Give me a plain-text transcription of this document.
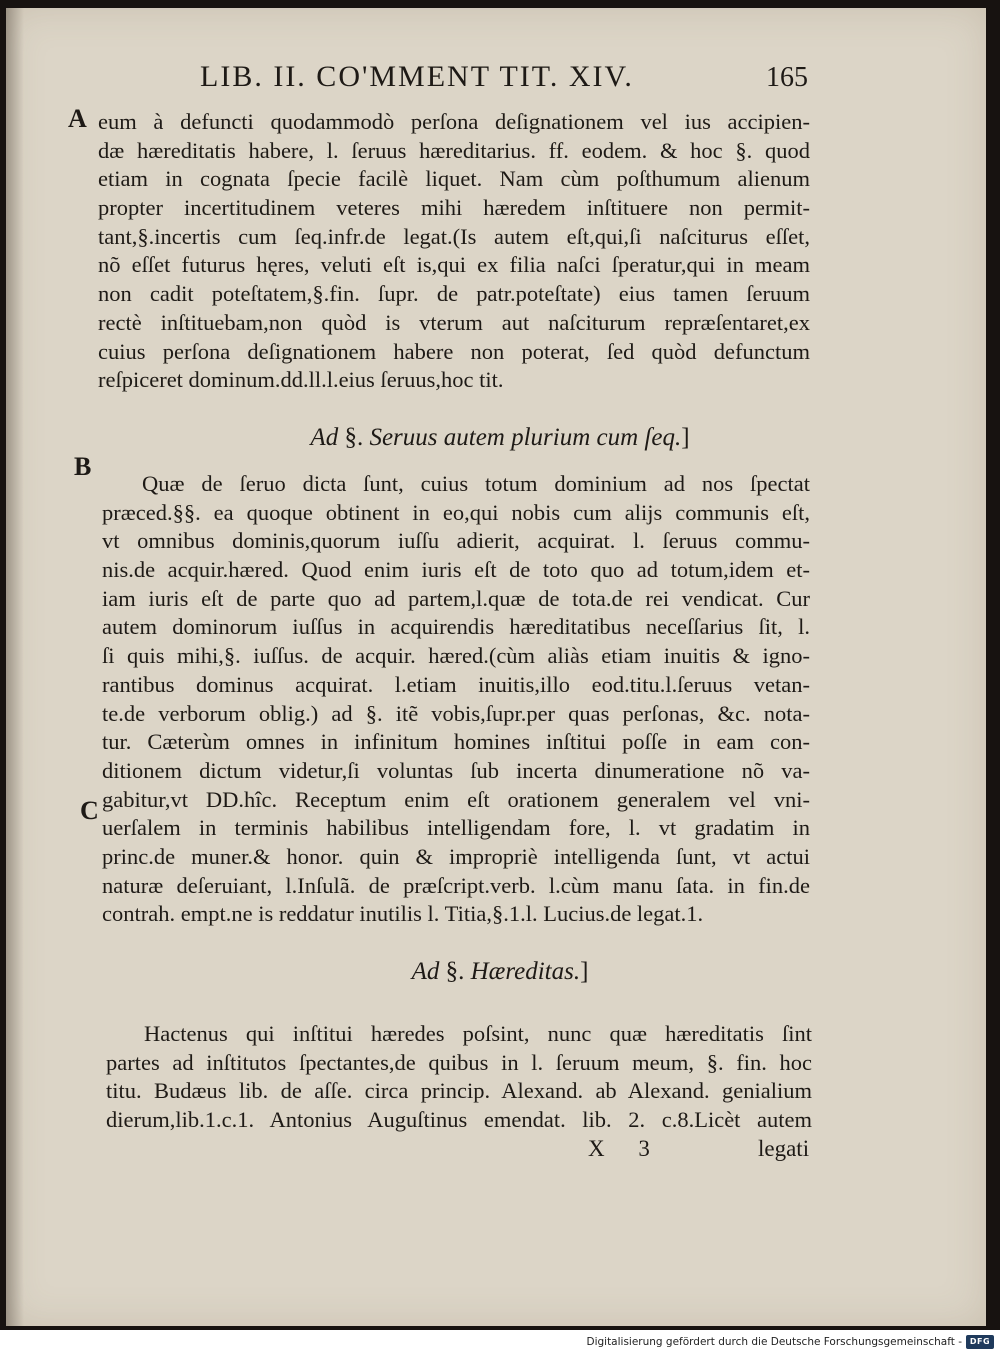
LIB. II. CO'MMENT TIT. XIV.	165
A
B
C
eum à defuncti quodammodò perſona deſignationem vel ius accipien-
dæ hæreditatis habere, l. ſeruus hæreditarius. ff. eodem. & hoc §. quod
etiam in cognata ſpecie facilè liquet. Nam cùm poſthumum alienum
propter incertitudinem veteres mihi hæredem inſtituere non permit-
tant,§.incertis cum ſeq.infr.de legat.(Is autem eſt,qui,ſi naſciturus eſſet,
nõ eſſet futurus hęres, veluti eſt is,qui ex filia naſci ſperatur,qui in meam
non cadit poteſtatem,§.fin. ſupr. de patr.poteſtate) eius tamen ſeruum
rectè inſtituebam,non quòd is vterum aut naſciturum repræſentaret,ex
cuius perſona deſignationem habere non poterat, ſed quòd defunctum
reſpiceret dominum.dd.ll.l.eius ſeruus,hoc tit.
Ad §. Seruus autem plurium cum ſeq.]
Quæ de ſeruo dicta ſunt, cuius totum dominium ad nos ſpectat
præced.§§. ea quoque obtinent in eo,qui nobis cum alijs communis eſt,
vt omnibus dominis,quorum iuſſu adierit, acquirat. l. ſeruus commu-
nis.de acquir.hæred. Quod enim iuris eſt de toto quo ad totum,idem et-
iam iuris eſt de parte quo ad partem,l.quæ de tota.de rei vendicat. Cur
autem dominorum iuſſus in acquirendis hæreditatibus neceſſarius ſit, l.
ſi quis mihi,§. iuſſus. de acquir. hæred.(cùm aliàs etiam inuitis & igno-
rantibus dominus acquirat. l.etiam inuitis,illo eod.titu.l.ſeruus vetan-
te.de verborum oblig.) ad §. itẽ vobis,ſupr.per quas perſonas, &c. nota-
tur. Cæterùm omnes in infinitum homines inſtitui poſſe in eam con-
ditionem dictum videtur,ſi voluntas ſub incerta dinumeratione nõ va-
gabitur,vt DD.hîc. Receptum enim eſt orationem generalem vel vni-
uerſalem in terminis habilibus intelligendam fore, l. vt gradatim in
princ.de muner.& honor. quin & impropriè intelligenda ſunt, vt actui
naturæ deſeruiant, l.Inſulã. de præſcript.verb. l.cùm manu ſata. in fin.de
contrah. empt.ne is reddatur inutilis l. Titia,§.1.l. Lucius.de legat.1.
Ad §. Hæreditas.]
Hactenus qui inſtitui hæredes poſsint, nunc quæ hæreditatis ſint
partes ad inſtitutos ſpectantes,de quibus in l. ſeruum meum, §. fin. hoc
titu. Budæus lib. de aſſe. circa princip. Alexand. ab Alexand. genialium
dierum,lib.1.c.1. Antonius Auguſtinus emendat. lib. 2. c.8.Licèt autem
X 3	legati
Digitalisierung gefördert durch die Deutsche Forschungsgemeinschaft - DFG
